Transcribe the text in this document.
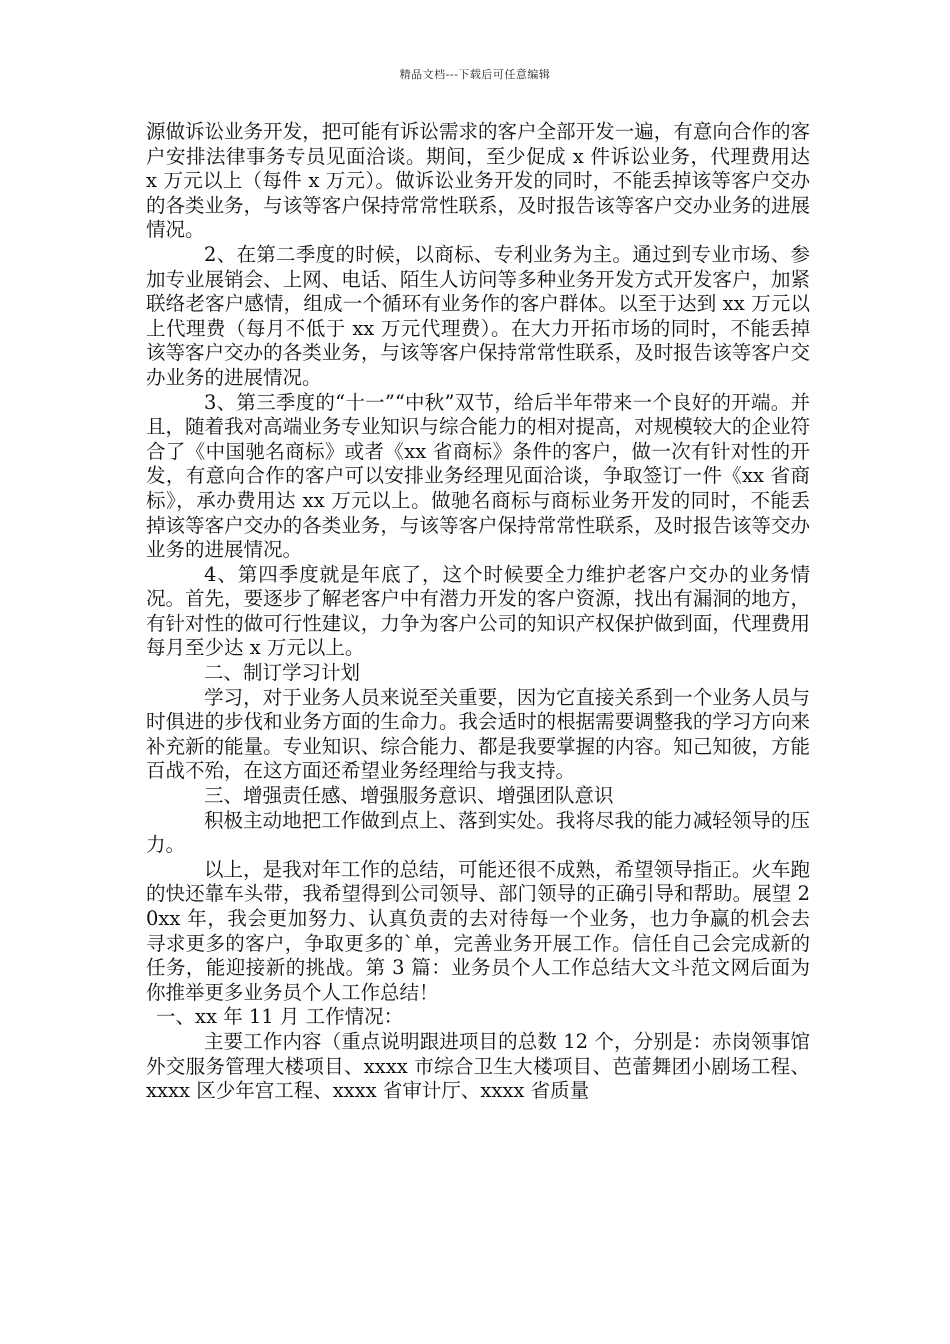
精品文档---下载后可任意编辑

源做诉讼业务开发，把可能有诉讼需求的客户全部开发一遍，有意向合作的客户安排法律事务专员见面洽谈。期间，至少促成 x 件诉讼业务，代理费用达 x 万元以上（每件 x 万元）。做诉讼业务开发的同时，不能丢掉该等客户交办的各类业务，与该等客户保持常常性联系，及时报告该等客户交办业务的进展情况。

2、在第二季度的时候，以商标、专利业务为主。通过到专业市场、参加专业展销会、上网、电话、陌生人访问等多种业务开发方式开发客户，加紧联络老客户感情，组成一个循环有业务作的客户群体。以至于达到 xx 万元以上代理费（每月不低于 xx 万元代理费）。在大力开拓市场的同时，不能丢掉该等客户交办的各类业务，与该等客户保持常常性联系，及时报告该等客户交办业务的进展情况。

3、第三季度的“十一”“中秋”双节，给后半年带来一个良好的开端。并且，随着我对高端业务专业知识与综合能力的相对提高，对规模较大的企业符合了《中国驰名商标》或者《xx 省商标》条件的客户，做一次有针对性的开发，有意向合作的客户可以安排业务经理见面洽谈，争取签订一件《xx 省商标》，承办费用达 xx 万元以上。做驰名商标与商标业务开发的同时，不能丢掉该等客户交办的各类业务，与该等客户保持常常性联系，及时报告该等交办业务的进展情况。

4、第四季度就是年底了，这个时候要全力维护老客户交办的业务情况。首先，要逐步了解老客户中有潜力开发的客户资源，找出有漏洞的地方，有针对性的做可行性建议，力争为客户公司的知识产权保护做到面，代理费用每月至少达 x 万元以上。

二、制订学习计划

学习，对于业务人员来说至关重要，因为它直接关系到一个业务人员与时俱进的步伐和业务方面的生命力。我会适时的根据需要调整我的学习方向来补充新的能量。专业知识、综合能力、都是我要掌握的内容。知己知彼，方能百战不殆，在这方面还希望业务经理给与我支持。

三、增强责任感、增强服务意识、增强团队意识

积极主动地把工作做到点上、落到实处。我将尽我的能力减轻领导的压力。

以上，是我对年工作的总结，可能还很不成熟，希望领导指正。火车跑的快还靠车头带，我希望得到公司领导、部门领导的正确引导和帮助。展望 20xx 年，我会更加努力、认真负责的去对待每一个业务，也力争赢的机会去寻求更多的客户，争取更多的`单，完善业务开展工作。信任自己会完成新的任务，能迎接新的挑战。第 3 篇：业务员个人工作总结大文斗范文网后面为你推举更多业务员个人工作总结！

一、xx 年 11 月 工作情况：

主要工作内容（重点说明跟进项目的总数 12 个，分别是：赤岗领事馆外交服务管理大楼项目、xxxx 市综合卫生大楼项目、芭蕾舞团小剧场工程、xxxx 区少年宫工程、xxxx 省审计厅、xxxx 省质量
